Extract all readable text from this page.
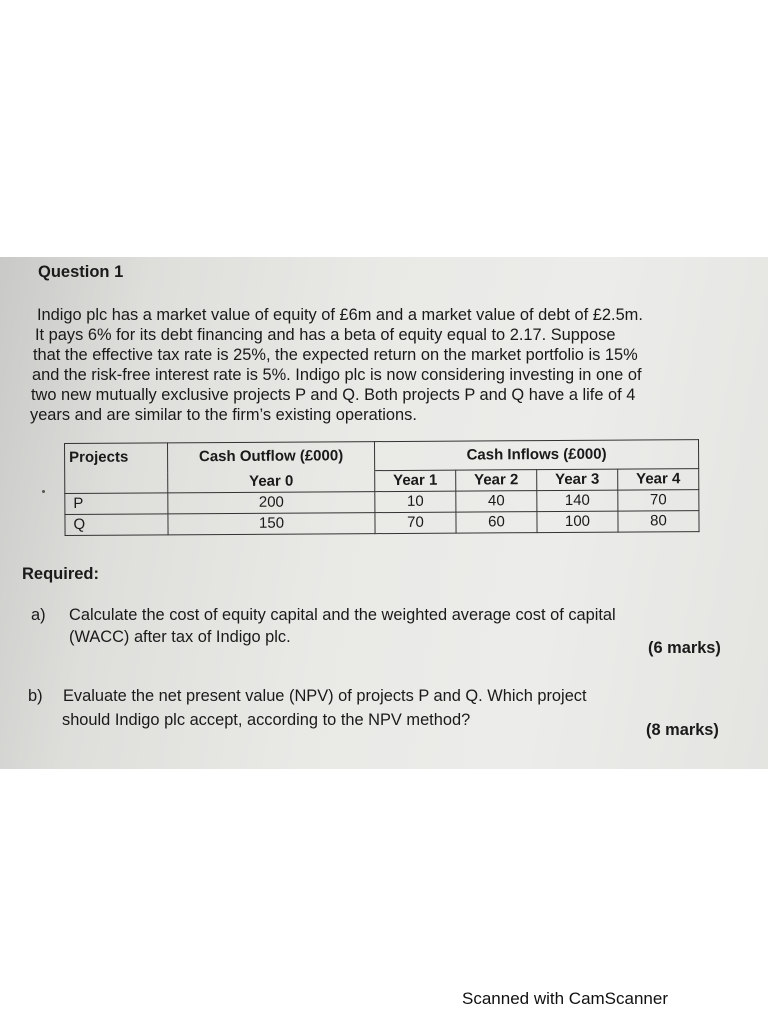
Question 1
Indigo plc has a market value of equity of £6m and a market value of debt of £2.5m.
It pays 6% for its debt financing and has a beta of equity equal to 2.17. Suppose
that the effective tax rate is 25%, the expected return on the market portfolio is 15%
and the risk-free interest rate is 5%. Indigo plc is now considering investing in one of
two new mutually exclusive projects P and Q. Both projects P and Q have a life of 4
years and are similar to the firm’s existing operations.
Projects	Cash Outflow (£000)	Cash Inflows (£000)			
	Year 0	Year 1	Year 2	Year 3	Year 4
P	200	10	40	140	70
Q	150	70	60	100	80
Required:
a) Calculate the cost of equity capital and the weighted average cost of capital
(WACC) after tax of Indigo plc.
(6 marks)
b) Evaluate the net present value (NPV) of projects P and Q. Which project
should Indigo plc accept, according to the NPV method?
(8 marks)
Scanned with CamScanner
